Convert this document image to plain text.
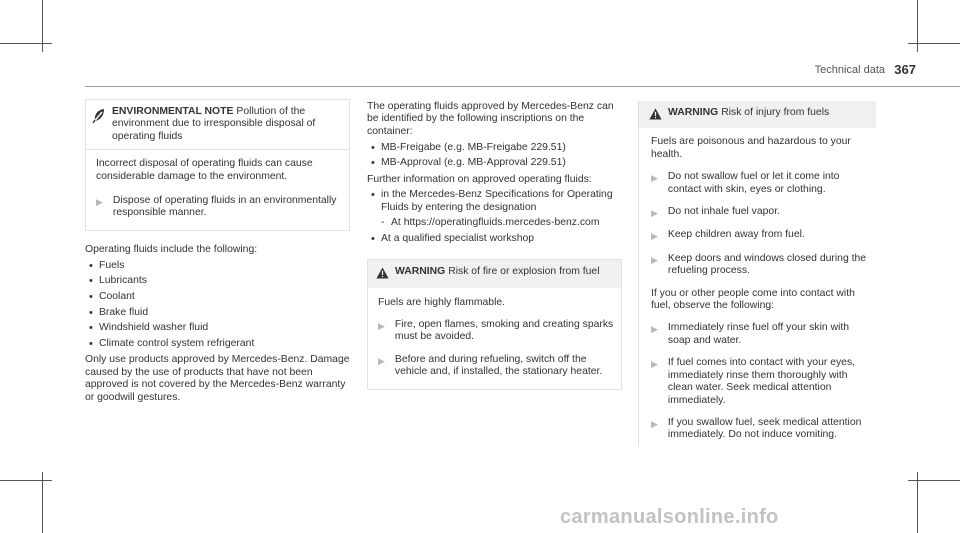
Technical data 367

ENVIRONMENTAL NOTE Pollution of the environment due to irresponsible disposal of operating fluids

Incorrect disposal of operating fluids can cause considerable damage to the environment.

▶ Dispose of operating fluids in an environmentally responsible manner.

Operating fluids include the following:

• Fuels
• Lubricants
• Coolant
• Brake fluid
• Windshield washer fluid
• Climate control system refrigerant

Only use products approved by Mercedes-Benz. Damage caused by the use of products that have not been approved is not covered by the Mercedes-Benz warranty or goodwill gestures.

The operating fluids approved by Mercedes-Benz can be identified by the following inscriptions on the container:

• MB-Freigabe (e.g. MB-Freigabe 229.51)
• MB-Approval (e.g. MB-Approval 229.51)

Further information on approved operating fluids:

• in the Mercedes-Benz Specifications for Operating Fluids by entering the designation
- At https://operatingfluids.mercedes-benz.com
• At a qualified specialist workshop

WARNING Risk of fire or explosion from fuel

Fuels are highly flammable.

▶ Fire, open flames, smoking and creating sparks must be avoided.

▶ Before and during refueling, switch off the vehicle and, if installed, the stationary heater.

WARNING Risk of injury from fuels

Fuels are poisonous and hazardous to your health.

▶ Do not swallow fuel or let it come into contact with skin, eyes or clothing.

▶ Do not inhale fuel vapor.

▶ Keep children away from fuel.

▶ Keep doors and windows closed during the refueling process.

If you or other people come into contact with fuel, observe the following:

▶ Immediately rinse fuel off your skin with soap and water.

▶ If fuel comes into contact with your eyes, immediately rinse them thoroughly with clean water. Seek medical attention immediately.

▶ If you swallow fuel, seek medical attention immediately. Do not induce vomiting.

carmanualsonline.info
